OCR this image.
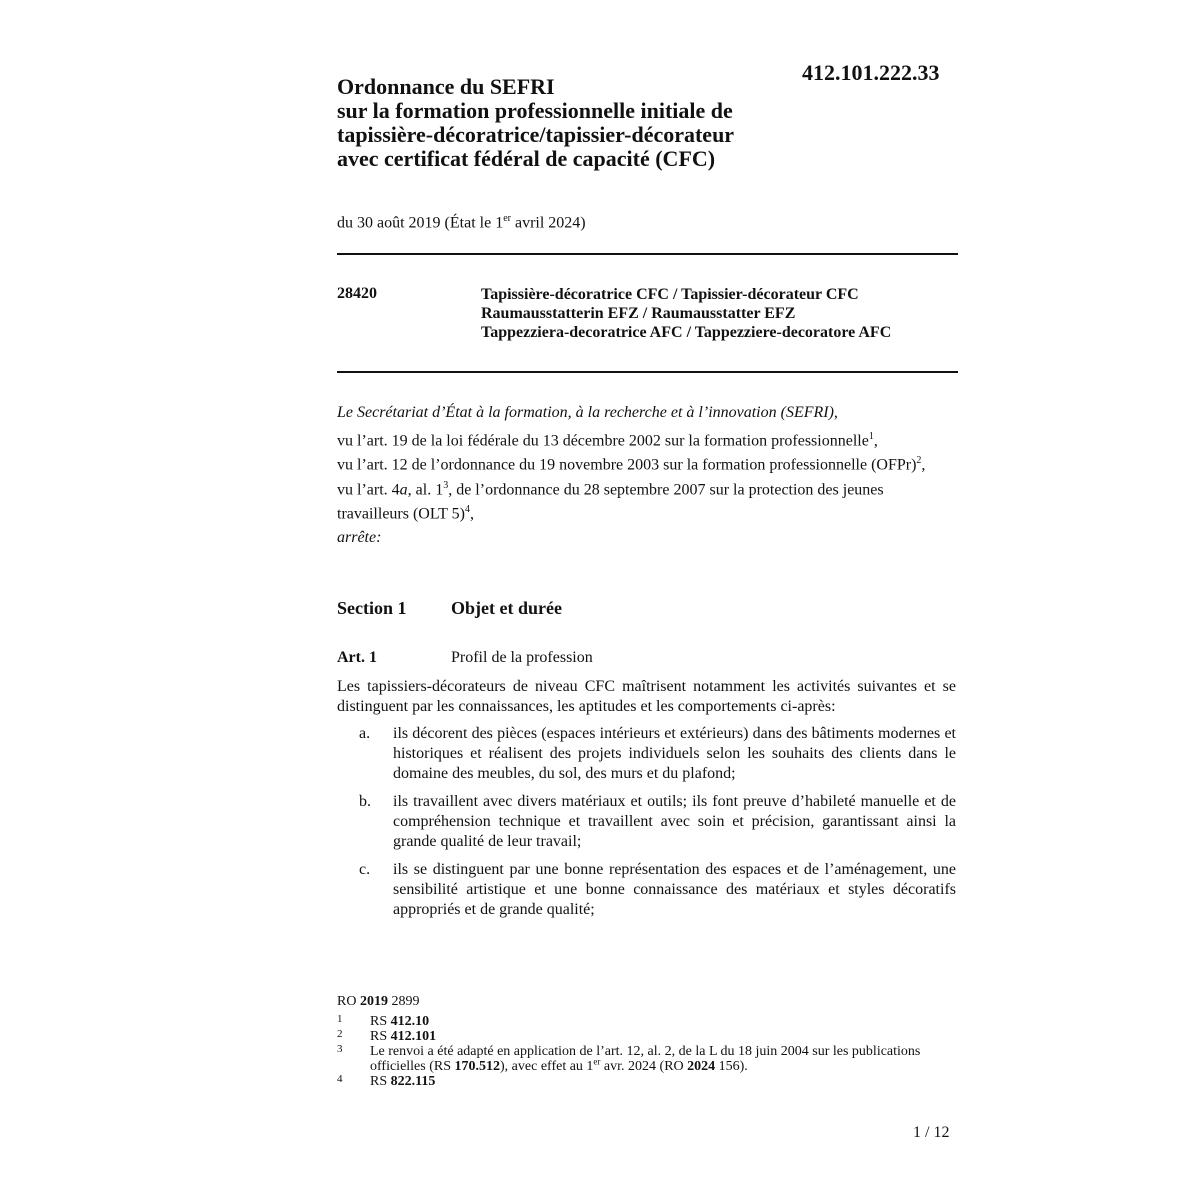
412.101.222.33
Ordonnance du SEFRI
sur la formation professionnelle initiale de
tapissière-décoratrice/tapissier-décorateur
avec certificat fédéral de capacité (CFC)
du 30 août 2019 (État le 1er avril 2024)
28420	Tapissière-décoratrice CFC / Tapissier-décorateur CFC
Raumausstatterin EFZ / Raumausstatter EFZ
Tappezziera-decoratrice AFC / Tappezziere-decoratore AFC

Le Secrétariat d’État à la formation, à la recherche et à l’innovation (SEFRI),

vu l’art. 19 de la loi fédérale du 13 décembre 2002 sur la formation professionnelle$^1$,

vu l’art. 12 de l’ordonnance du 19 novembre 2003 sur la formation professionnelle (OFPr)$^2$,

vu l’art. 4a, al. $1^3$, de l’ordonnance du 28 septembre 2007 sur la protection des jeunes travailleurs (OLT 5)$^4$,

arrête:

Section 1 Objet et durée
Art. 1	Profil de la profession
Les tapissiers-décorateurs de niveau CFC maîtrisent notamment les activités suivantes et se distinguent par les connaissances, les aptitudes et les comportements ci-après:
a. ils décorent des pièces (espaces intérieurs et extérieurs) dans des bâtiments modernes et historiques et réalisent des projets individuels selon les souhaits des clients dans le domaine des meubles, du sol, des murs et du plafond;
b. ils travaillent avec divers matériaux et outils; ils font preuve d’habileté manuelle et de compréhension technique et travaillent avec soin et précision, garantissant ainsi la grande qualité de leur travail;
c. ils se distinguent par une bonne représentation des espaces et de l’aménagement, une sensibilité artistique et une bonne connaissance des matériaux et styles décoratifs appropriés et de grande qualité;
RO 2019 2899
1 RS 412.10
2 RS 412.101
3 Le renvoi a été adapté en application de l’art. 12, al. 2, de la L du 18 juin 2004 sur les publications officielles (RS 170.512), avec effet au 1er avr. 2024 (RO 2024 156).
4 RS 822.115
1 / 12
